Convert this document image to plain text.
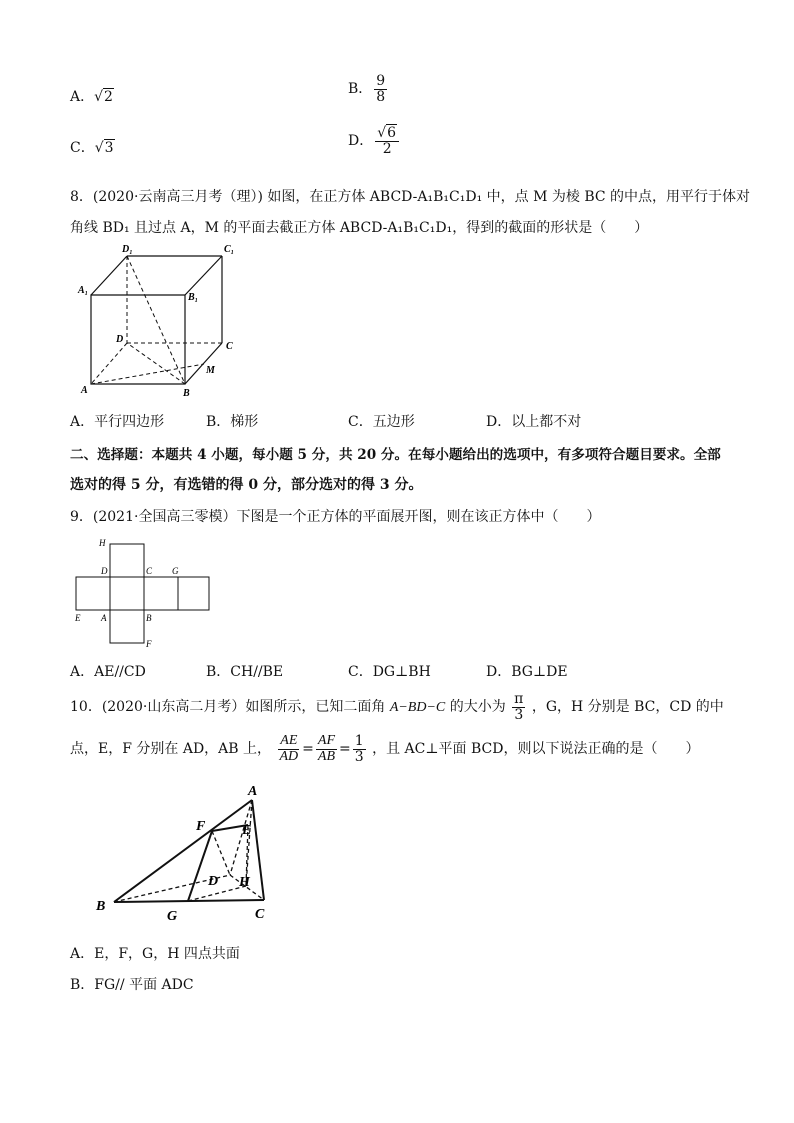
A．√2	B． $\frac{9}{8}$
C．√3	D． $\frac{√6}{2}$
8．(2020·云南高三月考（理）) 如图，在正方体 ABCD-A₁B₁C₁D₁ 中，点 M 为棱 BC 的中点，用平行于体对
角线 BD₁ 且过点 A，M 的平面去截正方体 ABCD-A₁B₁C₁D₁，得到的截面的形状是（　　）
D₁	C₁
A₁
B₁
D
C
A	B
M
A．平行四边形	B．梯形	C．五边形	D．以上都不对
二、选择题：本题共 4 小题，每小题 5 分，共 20 分。在每小题给出的选项中，有多项符合题目要求。全部
选对的得 5 分，有选错的得 0 分，部分选对的得 3 分。
9．(2021·全国高三零模）下图是一个正方体的平面展开图，则在该正方体中（　　）
H
D	C G
E A	B
F
A．AE//CD	B．CH//BE	C．DG⊥BH	D．BG⊥DE
10．(2020·山东高二月考）如图所示，已知二面角 A−BD−C 的大小为 $\frac{\pi}{3}$ ，G，H 分别是 BC，CD 的中
点，E，F 分别在 AD，AB 上， $\frac{AE}{AD} = \frac{AF}{AB} = \frac{1}{3}$ ，且 AC⊥平面 BCD，则以下说法正确的是（　　）
A
F	E
D H
B
G	C
A．E，F，G，H 四点共面
B．FG// 平面 ADC
